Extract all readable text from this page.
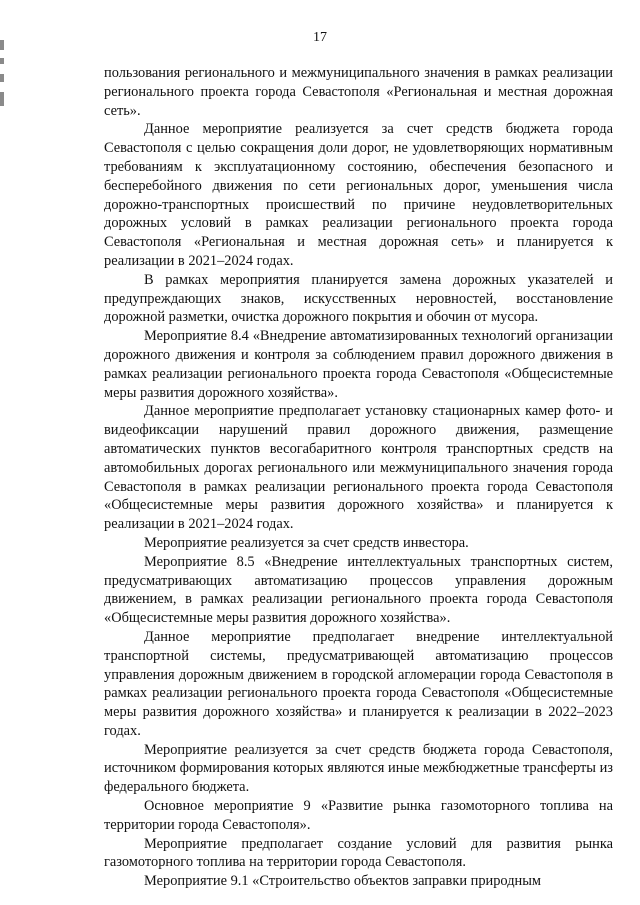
17

пользования регионального и межмуниципального значения в рамках реализации регионального проекта города Севастополя «Региональная и местная дорожная сеть».

Данное мероприятие реализуется за счет средств бюджета города Севастополя с целью сокращения доли дорог, не удовлетворяющих нормативным требованиям к эксплуатационному состоянию, обеспечения безопасного и бесперебойного движения по сети региональных дорог, уменьшения числа дорожно-транспортных происшествий по причине неудовлетворительных дорожных условий в рамках реализации регионального проекта города Севастополя «Региональная и местная дорожная сеть» и планируется к реализации в 2021–2024 годах.

В рамках мероприятия планируется замена дорожных указателей и предупреждающих знаков, искусственных неровностей, восстановление дорожной разметки, очистка дорожного покрытия и обочин от мусора.

Мероприятие 8.4 «Внедрение автоматизированных технологий организации дорожного движения и контроля за соблюдением правил дорожного движения в рамках реализации регионального проекта города Севастополя «Общесистемные меры развития дорожного хозяйства».

Данное мероприятие предполагает установку стационарных камер фото- и видеофиксации нарушений правил дорожного движения, размещение автоматических пунктов весогабаритного контроля транспортных средств на автомобильных дорогах регионального или межмуниципального значения города Севастополя в рамках реализации регионального проекта города Севастополя «Общесистемные меры развития дорожного хозяйства» и планируется к реализации в 2021–2024 годах.

Мероприятие реализуется за счет средств инвестора.

Мероприятие 8.5 «Внедрение интеллектуальных транспортных систем, предусматривающих автоматизацию процессов управления дорожным движением, в рамках реализации регионального проекта города Севастополя «Общесистемные меры развития дорожного хозяйства».

Данное мероприятие предполагает внедрение интеллектуальной транспортной системы, предусматривающей автоматизацию процессов управления дорожным движением в городской агломерации города Севастополя в рамках реализации регионального проекта города Севастополя «Общесистемные меры развития дорожного хозяйства» и планируется к реализации в 2022–2023 годах.

Мероприятие реализуется за счет средств бюджета города Севастополя, источником формирования которых являются иные межбюджетные трансферты из федерального бюджета.

Основное мероприятие 9 «Развитие рынка газомоторного топлива на территории города Севастополя».

Мероприятие предполагает создание условий для развития рынка газомоторного топлива на территории города Севастополя.

Мероприятие 9.1 «Строительство объектов заправки природным
